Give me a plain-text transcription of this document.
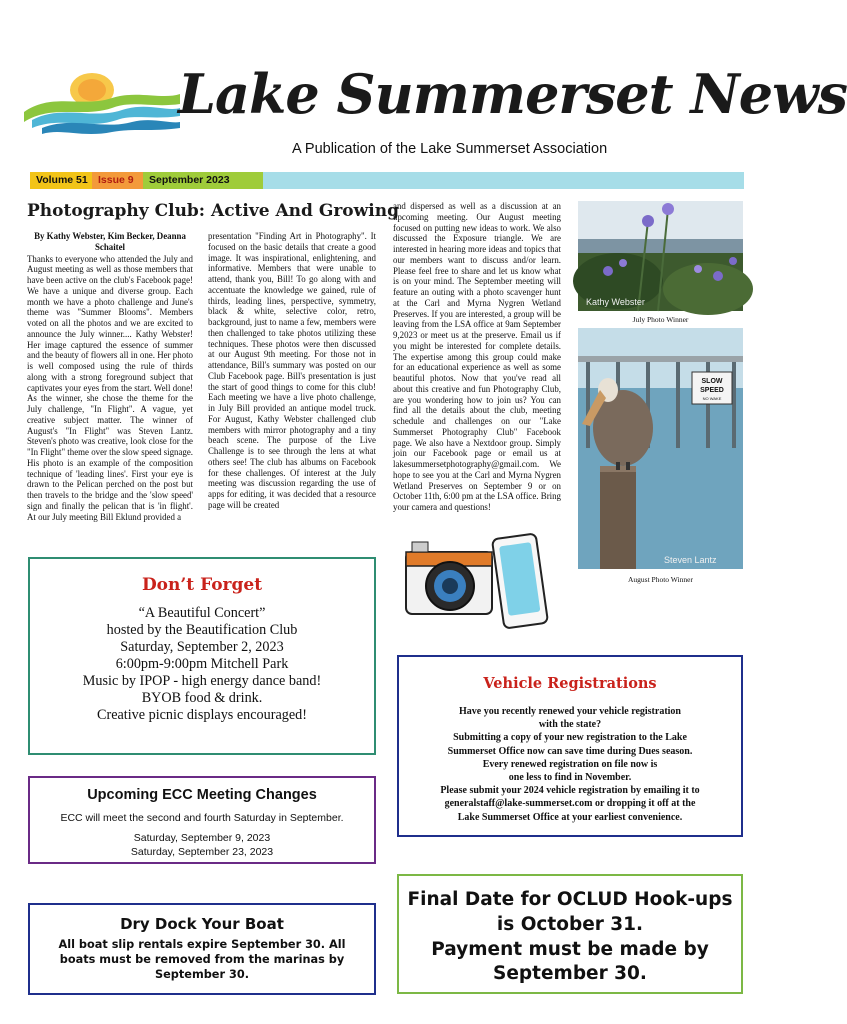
Lake Summerset News
A Publication of the Lake Summerset Association
Volume 51 Issue 9	September 2023
Photography Club: Active And Growing
By Kathy Webster, Kim Becker, Deanna Schaitel
Thanks to everyone who attended the July and August meeting as well as those members that have been active on the club's Facebook page! We have a unique and diverse group. Each month we have a photo challenge and June's theme was "Summer Blooms". Members voted on all the photos and we are excited to announce the July winner.... Kathy Webster! Her image captured the essence of summer and the beauty of flowers all in one. Her photo is well composed using the rule of thirds along with a strong foreground subject that captivates your eyes from the start. Well done! As the winner, she chose the theme for the July challenge, "In Flight". A vague, yet creative subject matter. The winner of August's "In Flight" was Steven Lantz. Steven's photo was creative, look close for the "In Flight" theme over the slow speed signage. His photo is an example of the composition technique of 'leading lines'. First your eye is drawn to the Pelican perched on the post but then travels to the bridge and the 'slow speed' sign and finally the pelican that is 'in flight'. At our July meeting Bill Eklund provided a
presentation "Finding Art in Photography". It focused on the basic details that create a good image. It was inspirational, enlightening, and informative. Members that were unable to attend, thank you, Bill! To go along with and accentuate the knowledge we gained, rule of thirds, leading lines, perspective, symmetry, black & white, selective color, retro, background, just to name a few, members were then challenged to take photos utilizing these techniques. These photos were then discussed at our August 9th meeting. For those not in attendance, Bill's summary was posted on our Club Facebook page. Bill's presentation is just the start of good things to come for this club! Each meeting we have a live photo challenge, in July Bill provided an antique model truck. For August, Kathy Webster challenged club members with mirror photography and a tiny beach scene. The purpose of the Live Challenge is to see through the lens at what others see! The club has albums on Facebook for these challenges. Of interest at the July meeting was discussion regarding the use of apps for editing, it was decided that a resource page will be created
and dispersed as well as a discussion at an upcoming meeting. Our August meeting focused on putting new ideas to work. We also discussed the Exposure triangle. We are interested in hearing more ideas and topics that our members want to discuss and/or learn. Please feel free to share and let us know what is on your mind. The September meeting will feature an outing with a photo scavenger hunt at the Carl and Myrna Nygren Wetland Preserves. If you are interested, a group will be leaving from the LSA office at 9am September 9,2023 or meet us at the preserve. Email us if you might be interested for complete details. The expertise among this group could make for an educational experience as well as some beautiful photos. Now that you've read all about this creative and fun Photography Club, are you wondering how to join us? You can find all the details about the club, meeting schedule and challenges on our "Lake Summerset Photography Club" Facebook page. We also have a Nextdoor group. Simply join our Facebook page or email us at lakesummersetphotography@gmail.com. We hope to see you at the Carl and Myrna Nygren Wetland Preserves on September 9 or on October 11th, 6:00 pm at the LSA office. Bring your camera and questions!
Kathy Webster
July Photo Winner
SLOW
SPEED
NO WAKE
Steven Lantz
August Photo Winner
Don’t Forget
“A Beautiful Concert”
hosted by the Beautification Club
Saturday, September 2, 2023
6:00pm-9:00pm Mitchell Park
Music by IPOP - high energy dance band!
BYOB food & drink.
Creative picnic displays encouraged!
Vehicle Registrations
Have you recently renewed your vehicle registration
with the state?
Submitting a copy of your new registration to the Lake
Summerset Office now can save time during Dues season.
Every renewed registration on file now is
one less to find in November.
Please submit your 2024 vehicle registration by emailing it to
generalstaff@lake-summerset.com or dropping it off at the
Lake Summerset Office at your earliest convenience.
Upcoming ECC Meeting Changes
ECC will meet the second and fourth Saturday in September.
Saturday, September 9, 2023
Saturday, September 23, 2023
Final Date for OCLUD Hook-ups
is October 31.
Payment must be made by
September 30.
Dry Dock Your Boat
All boat slip rentals expire September 30. All
boats must be removed from the marinas by
September 30.
